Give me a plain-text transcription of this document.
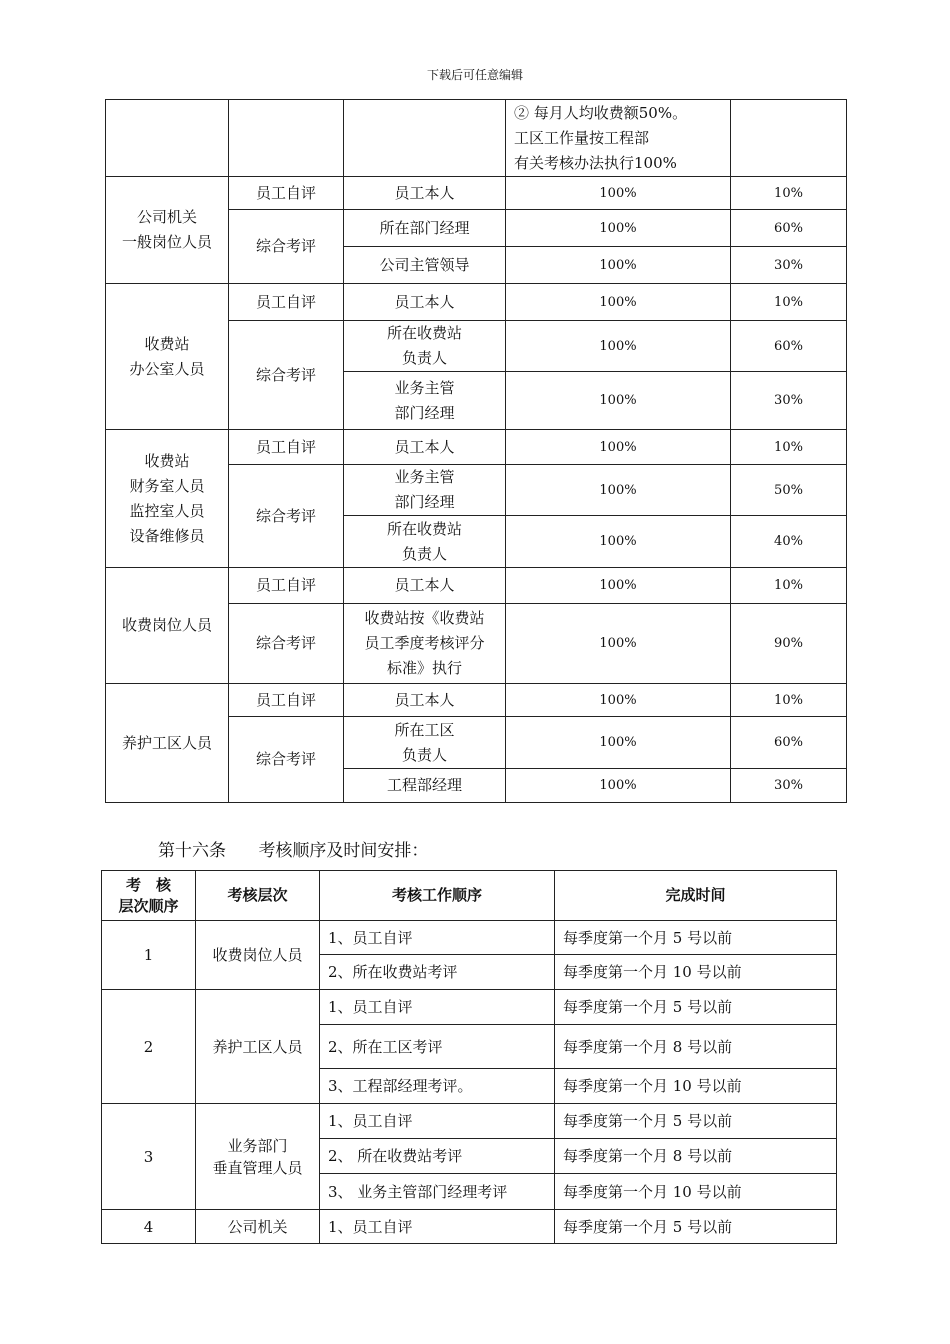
下载后可任意编辑
			② 每月人均收费额50%。
工区工作量按工程部
有关考核办法执行100%	
公司机关
一般岗位人员	员工自评	员工本人	100%	10%
	综合考评	所在部门经理	100%	60%
		公司主管领导	100%	30%
收费站
办公室人员	员工自评	员工本人	100%	10%
	综合考评	所在收费站
负责人	100%	60%
		业务主管
部门经理	100%	30%
收费站
财务室人员
监控室人员
设备维修员	员工自评	员工本人	100%	10%
	综合考评	业务主管
部门经理	100%	50%
		所在收费站
负责人	100%	40%
收费岗位人员	员工自评	员工本人	100%	10%
	综合考评	收费站按《收费站
员工季度考核评分
标准》执行	100%	90%
养护工区人员	员工自评	员工本人	100%	10%
	综合考评	所在工区
负责人	100%	60%
		工程部经理	100%	30%
第十六条 考核顺序及时间安排：
考　核
层次顺序	考核层次	考核工作顺序	完成时间
1	收费岗位人员	1、员工自评	每季度第一个月 5 号以前
		2、所在收费站考评	每季度第一个月 10 号以前
2	养护工区人员	1、员工自评	每季度第一个月 5 号以前
		2、所在工区考评	每季度第一个月 8 号以前
		3、工程部经理考评。	每季度第一个月 10 号以前
3	业务部门
垂直管理人员	1、员工自评	每季度第一个月 5 号以前
		2、 所在收费站考评	每季度第一个月 8 号以前
		3、 业务主管部门经理考评	每季度第一个月 10 号以前
4	公司机关	1、员工自评	每季度第一个月 5 号以前
